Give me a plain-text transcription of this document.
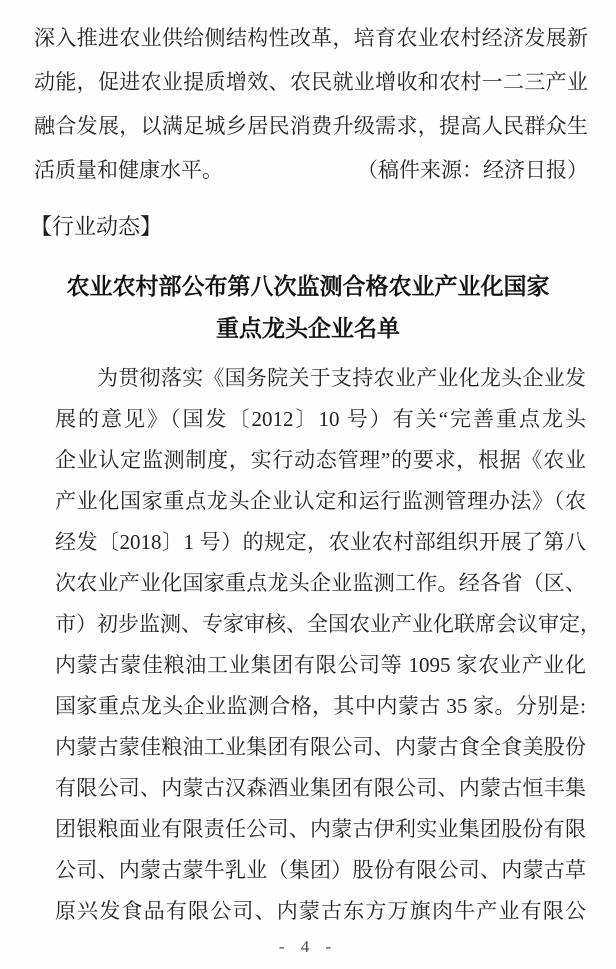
深入推进农业供给侧结构性改革，培育农业农村经济发展新
动能，促进农业提质增效、农民就业增收和农村一二三产业
融合发展，以满足城乡居民消费升级需求，提高人民群众生
活质量和健康水平。	（稿件来源：经济日报）
【行业动态】
农业农村部公布第八次监测合格农业产业化国家
重点龙头企业名单
为贯彻落实《国务院关于支持农业产业化龙头企业发
展的意见》（国发〔2012〕10 号）有关“完善重点龙头
企业认定监测制度，实行动态管理”的要求，根据《农业
产业化国家重点龙头企业认定和运行监测管理办法》（农
经发〔2018〕1 号）的规定，农业农村部组织开展了第八
次农业产业化国家重点龙头企业监测工作。经各省（区、
市）初步监测、专家审核、全国农业产业化联席会议审定，
内蒙古蒙佳粮油工业集团有限公司等 1095 家农业产业化
国家重点龙头企业监测合格，其中内蒙古 35 家。分别是:
内蒙古蒙佳粮油工业集团有限公司、内蒙古食全食美股份
有限公司、内蒙古汉森酒业集团有限公司、内蒙古恒丰集
团银粮面业有限责任公司、内蒙古伊利实业集团股份有限
公司、内蒙古蒙牛乳业（集团）股份有限公司、内蒙古草
原兴发食品有限公司、内蒙古东方万旗肉牛产业有限公
- 4 -
